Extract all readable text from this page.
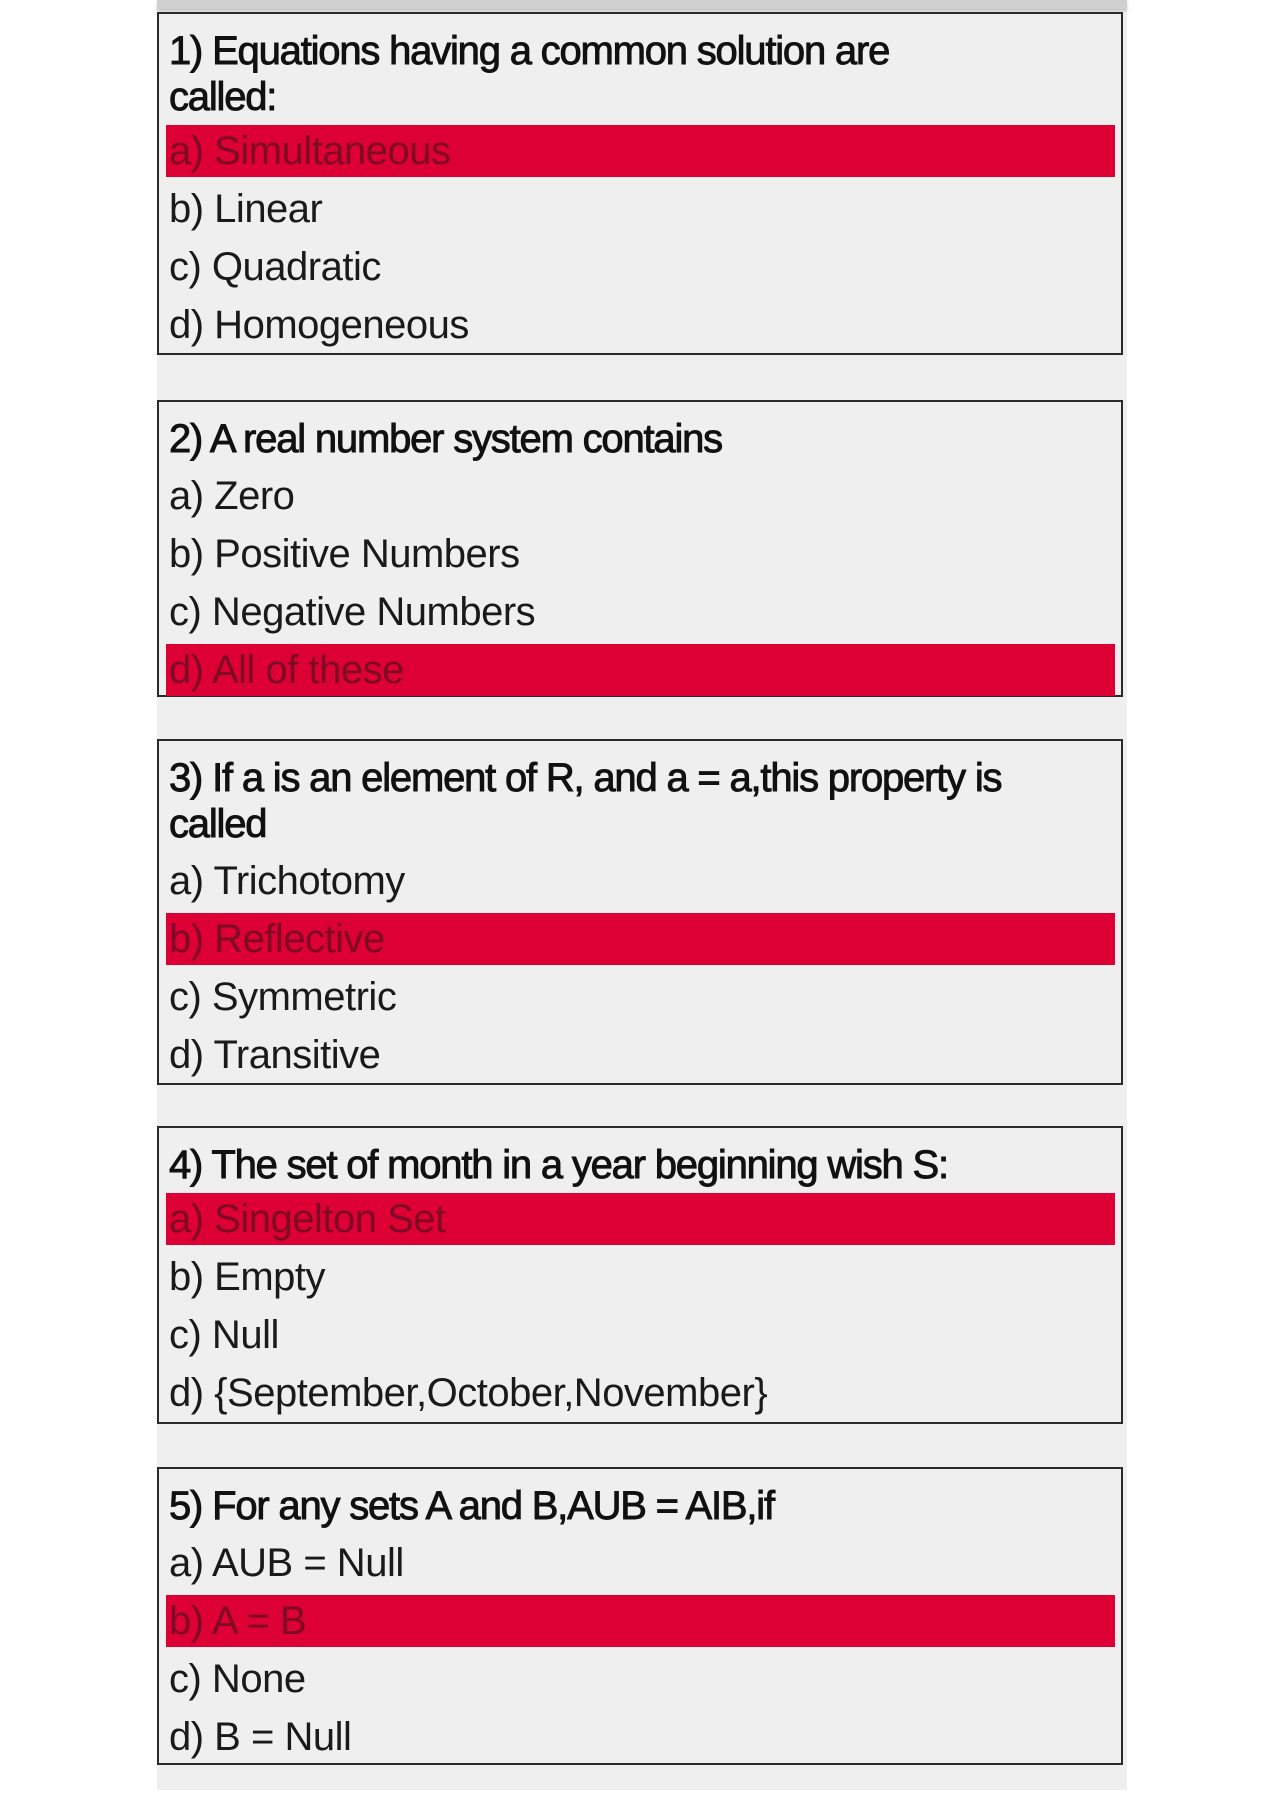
1) Equations having a common solution are called:
a) Simultaneous
b) Linear
c) Quadratic
d) Homogeneous
2) A real number system contains
a) Zero
b) Positive Numbers
c) Negative Numbers
d) All of these
3) If a is an element of R, and a = a,this property is called
a) Trichotomy
b) Reflective
c) Symmetric
d) Transitive
4) The set of month in a year beginning wish S:
a) Singelton Set
b) Empty
c) Null
d) {September,October,November}
5) For any sets A and B,AUB = AIB,if
a) AUB = Null
b) A = B
c) None
d) B = Null
